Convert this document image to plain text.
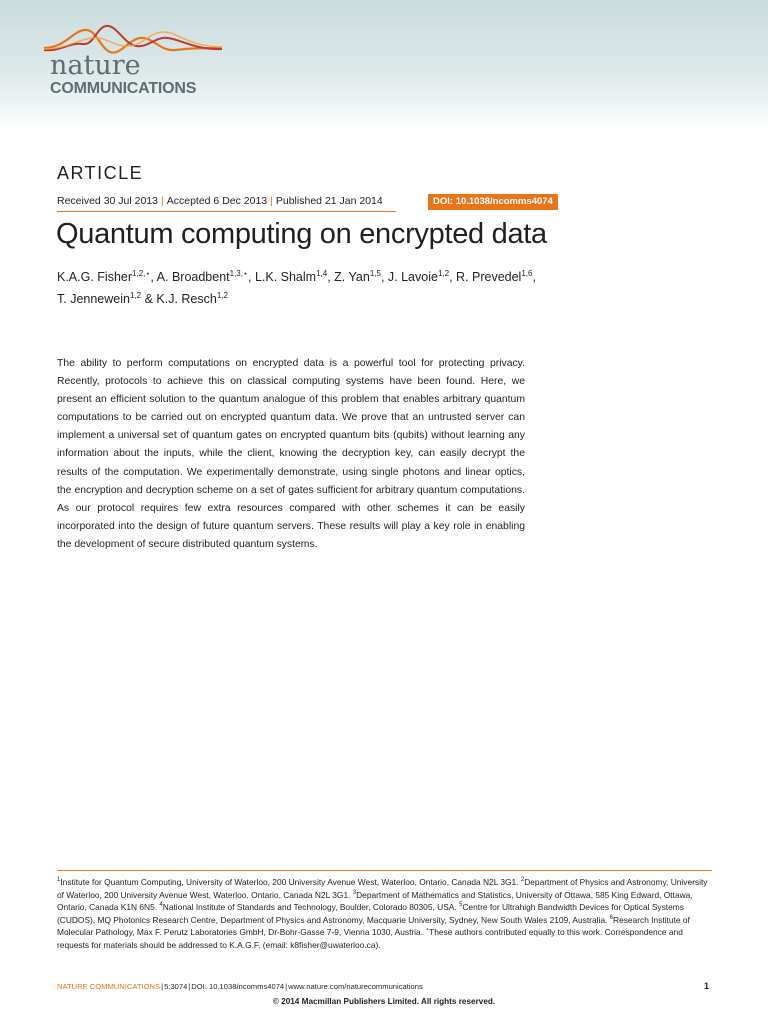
nature
COMMUNICATIONS
ARTICLE
Received 30 Jul 2013 | Accepted 6 Dec 2013 | Published 21 Jan 2014	DOI: 10.1038/ncomms4074
Quantum computing on encrypted data
K.A.G. Fisher$^{1,2,⋆}$, A. Broadbent$^{1,3,⋆}$, L.K. Shalm$^{1,4}$, Z. Yan$^{1,5}$, J. Lavoie$^{1,2}$, R. Prevedel$^{1,6}$,
T. Jennewein$^{1,2}$ & K.J. Resch$^{1,2}$

The ability to perform computations on encrypted data is a powerful tool for protecting privacy. Recently, protocols to achieve this on classical computing systems have been found. Here, we present an efficient solution to the quantum analogue of this problem that enables arbitrary quantum computations to be carried out on encrypted quantum data. We prove that an untrusted server can implement a universal set of quantum gates on encrypted quantum bits (qubits) without learning any information about the inputs, while the client, knowing the decryption key, can easily decrypt the results of the computation. We experimentally demonstrate, using single photons and linear optics, the encryption and decryption scheme on a set of gates sufficient for arbitrary quantum computations. As our protocol requires few extra resources compared with other schemes it can be easily incorporated into the design of future quantum servers. These results will play a key role in enabling the development of secure distributed quantum systems.

$^1$Institute for Quantum Computing, University of Waterloo, 200 University Avenue West, Waterloo, Ontario, Canada N2L 3G1. $^2$Department of Physics and Astronomy, University of Waterloo, 200 University Avenue West, Waterloo, Ontario, Canada N2L 3G1. $^3$Department of Mathematics and Statistics, University of Ottawa, 585 King Edward, Ottawa, Ontario, Canada K1N 6N5. $^4$National Institute of Standards and Technology, Boulder, Colorado 80305, USA. $^5$Centre for Ultrahigh Bandwidth Devices for Optical Systems (CUDOS), MQ Photonics Research Centre, Department of Physics and Astronomy, Macquarie University, Sydney, New South Wales 2109, Australia. $^6$Research Institute of Molecular Pathology, Max F. Perutz Laboratories GmbH, Dr-Bohr-Gasse 7-9, Vienna 1030, Austria. ⋆These authors contributed equally to this work. Correspondence and requests for materials should be addressed to K.A.G.F. (email: k8fisher@uwaterloo.ca).
NATURE COMMUNICATIONS|5:3074|DOI: 10.1038/ncomms4074|www.nature.com/naturecommunications	1
© 2014 Macmillan Publishers Limited. All rights reserved.
